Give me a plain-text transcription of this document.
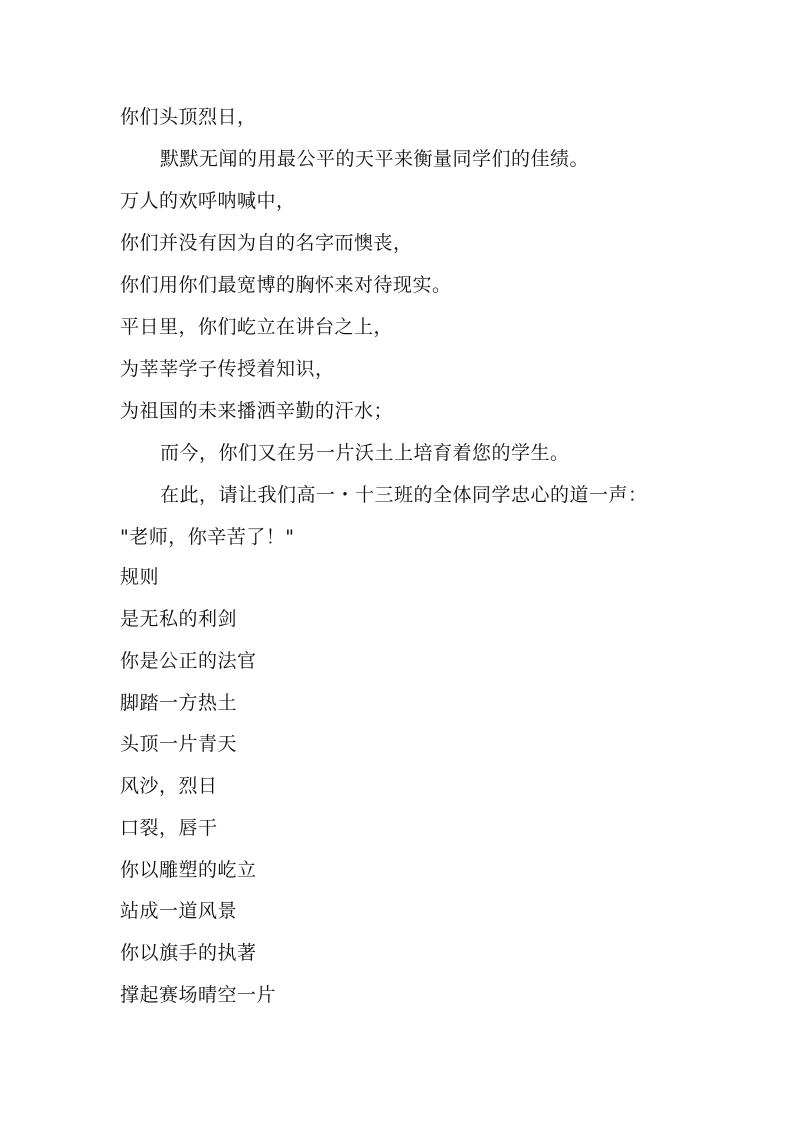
你们头顶烈日，
默默无闻的用最公平的天平来衡量同学们的佳绩。
万人的欢呼呐喊中，
你们并没有因为自的名字而懊丧，
你们用你们最宽博的胸怀来对待现实。
平日里，你们屹立在讲台之上，
为莘莘学子传授着知识，
为祖国的未来播洒辛勤的汗水；
而今，你们又在另一片沃土上培育着您的学生。
在此，请让我们高一・十三班的全体同学忠心的道一声：
"老师，你辛苦了！"
规则
是无私的利剑
你是公正的法官
脚踏一方热土
头顶一片青天
风沙，烈日
口裂，唇干
你以雕塑的屹立
站成一道风景
你以旗手的执著
撑起赛场晴空一片
